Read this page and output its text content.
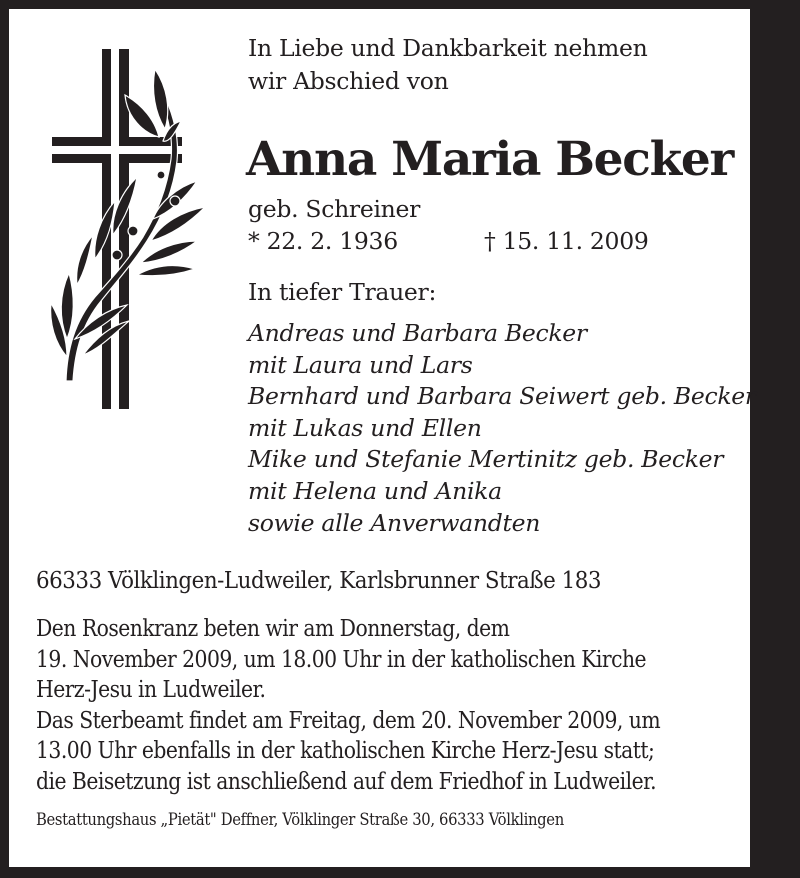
In Liebe und Dankbarkeit nehmen
wir Abschied von
Anna Maria Becker
geb. Schreiner
* 22. 2. 1936	† 15. 11. 2009
In tiefer Trauer:
Andreas und Barbara Becker
mit Laura und Lars
Bernhard und Barbara Seiwert geb. Becker
mit Lukas und Ellen
Mike und Stefanie Mertinitz geb. Becker
mit Helena und Anika
sowie alle Anverwandten
66333 Völklingen-Ludweiler, Karlsbrunner Straße 183
Den Rosenkranz beten wir am Donnerstag, dem
19. November 2009, um 18.00 Uhr in der katholischen Kirche
Herz-Jesu in Ludweiler.
Das Sterbeamt findet am Freitag, dem 20. November 2009, um
13.00 Uhr ebenfalls in der katholischen Kirche Herz-Jesu statt;
die Beisetzung ist anschließend auf dem Friedhof in Ludweiler.
Bestattungshaus „Pietät" Deffner, Völklinger Straße 30, 66333 Völklingen
